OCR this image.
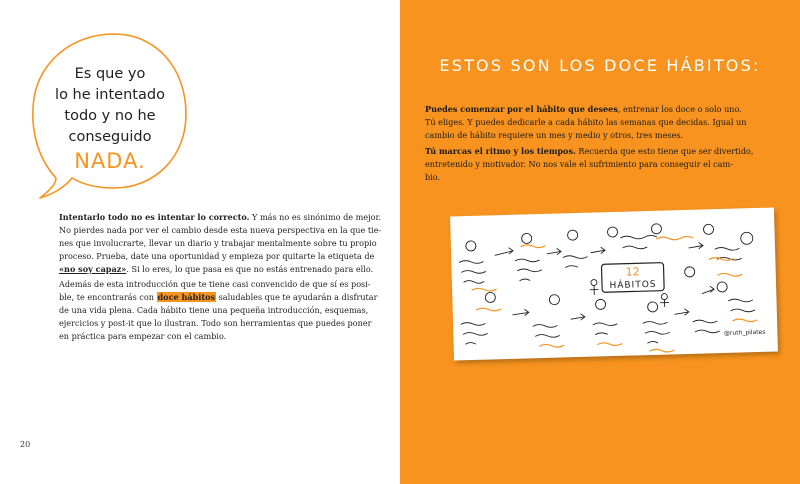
Es que yo
lo he intentado
todo y no he
conseguido
NADA.
Intentarlo todo no es intentar lo correcto. Y más no es sinónimo de mejor.
No pierdes nada por ver el cambio desde esta nueva perspectiva en la que tie-
nes que involucrarte, llevar un diario y trabajar mentalmente sobre tu propio
proceso. Prueba, date una oportunidad y empieza por quitarte la etiqueta de
«no soy capaz». Si lo eres, lo que pasa es que no estás entrenado para ello.
Además de esta introducción que te tiene casi convencido de que sí es posi-
ble, te encontrarás con doce hábitos saludables que te ayudarán a disfrutar
de una vida plena. Cada hábito tiene una pequeña introducción, esquemas,
ejercicios y post-it que lo ilustran. Todo son herramientas que puedes poner
en práctica para empezar con el cambio.
20
ESTOS SON LOS DOCE HÁBITOS:
Puedes comenzar por el hábito que desees, entrenar los doce o solo uno.
Tú eliges. Y puedes dedicarle a cada hábito las semanas que decidas. Igual un
cambio de hábito requiere un mes y medio y otros, tres meses.
Tú marcas el ritmo y los tiempos. Recuerda que esto tiene que ser divertido,
entretenido y motivador. No nos vale el sufrimiento para conseguir el cam-
bio.
12
HÁBITOS
@ruth_pilates
